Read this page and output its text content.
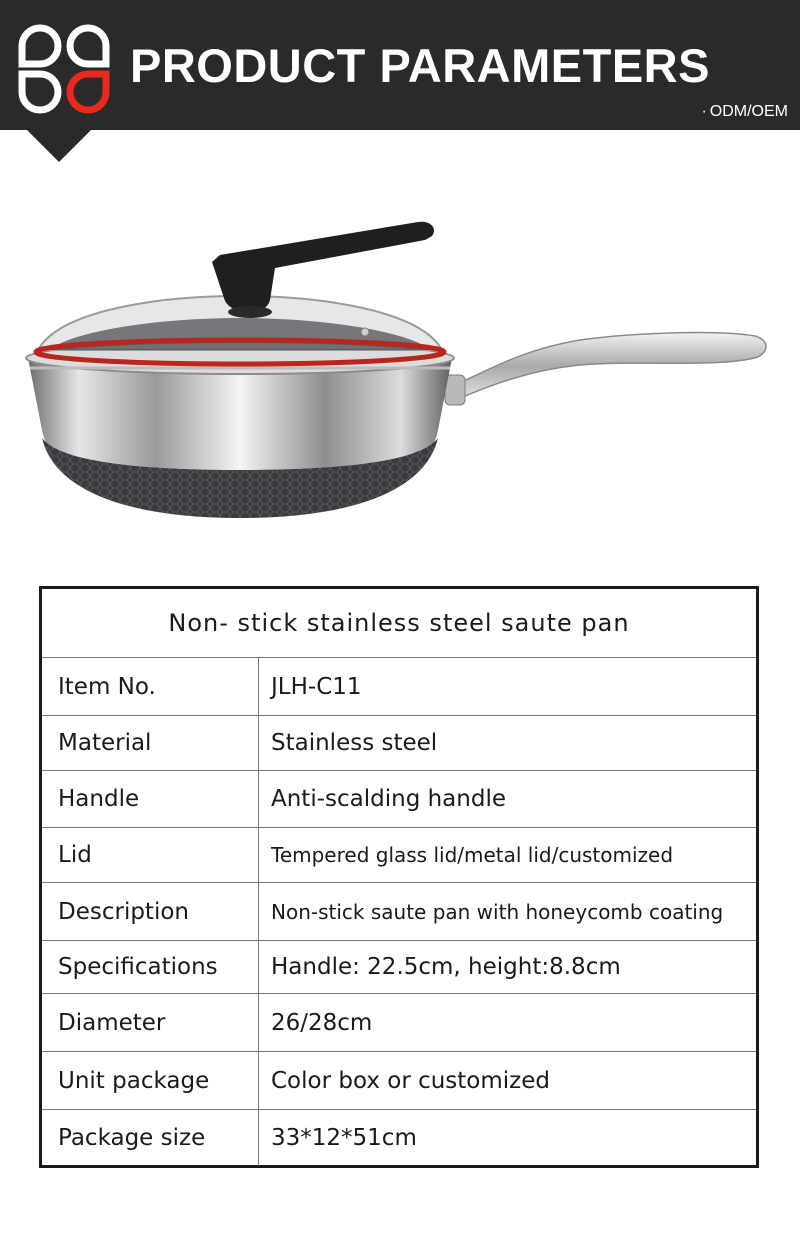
PRODUCT PARAMETERS
· ODM/OEM
Non- stick stainless steel saute pan
Item No.	JLH-C11
Material	Stainless steel
Handle	Anti-scalding handle
Lid	Tempered glass lid/metal lid/customized
Description	Non-stick saute pan with honeycomb coating
Specifications	Handle: 22.5cm, height:8.8cm
Diameter	26/28cm
Unit package	Color box or customized
Package size	33*12*51cm
